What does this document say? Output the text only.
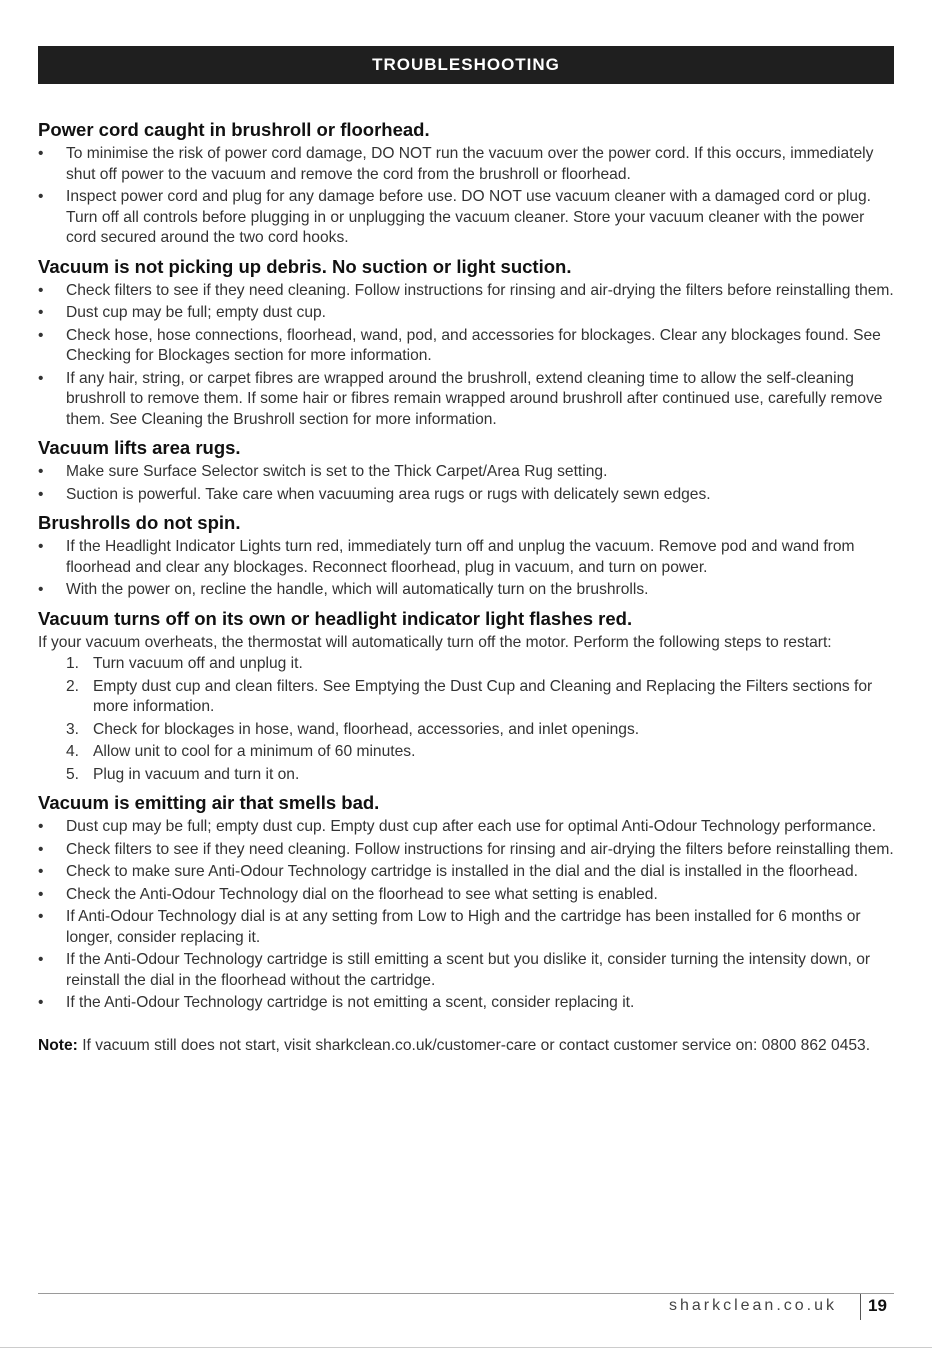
TROUBLESHOOTING
Power cord caught in brushroll or floorhead.
• To minimise the risk of power cord damage, DO NOT run the vacuum over the power cord. If this occurs, immediately shut off power to the vacuum and remove the cord from the brushroll or floorhead.
• Inspect power cord and plug for any damage before use. DO NOT use vacuum cleaner with a damaged cord or plug. Turn off all controls before plugging in or unplugging the vacuum cleaner. Store your vacuum cleaner with the power cord secured around the two cord hooks.
Vacuum is not picking up debris. No suction or light suction.
• Check filters to see if they need cleaning. Follow instructions for rinsing and air-drying the filters before reinstalling them.
• Dust cup may be full; empty dust cup.
• Check hose, hose connections, floorhead, wand, pod, and accessories for blockages. Clear any blockages found. See Checking for Blockages section for more information.
• If any hair, string, or carpet fibres are wrapped around the brushroll, extend cleaning time to allow the self-cleaning brushroll to remove them. If some hair or fibres remain wrapped around brushroll after continued use, carefully remove them. See Cleaning the Brushroll section for more information.
Vacuum lifts area rugs.
• Make sure Surface Selector switch is set to the Thick Carpet/Area Rug setting.
• Suction is powerful. Take care when vacuuming area rugs or rugs with delicately sewn edges.
Brushrolls do not spin.
• If the Headlight Indicator Lights turn red, immediately turn off and unplug the vacuum. Remove pod and wand from floorhead and clear any blockages. Reconnect floorhead, plug in vacuum, and turn on power.
• With the power on, recline the handle, which will automatically turn on the brushrolls.
Vacuum turns off on its own or headlight indicator light flashes red.

If your vacuum overheats, the thermostat will automatically turn off the motor. Perform the following steps to restart:

1. Turn vacuum off and unplug it.
2. Empty dust cup and clean filters. See Emptying the Dust Cup and Cleaning and Replacing the Filters sections for more information.
3. Check for blockages in hose, wand, floorhead, accessories, and inlet openings.
4. Allow unit to cool for a minimum of 60 minutes.
5. Plug in vacuum and turn it on.
Vacuum is emitting air that smells bad.
• Dust cup may be full; empty dust cup. Empty dust cup after each use for optimal Anti-Odour Technology performance.
• Check filters to see if they need cleaning. Follow instructions for rinsing and air-drying the filters before reinstalling them.
• Check to make sure Anti-Odour Technology cartridge is installed in the dial and the dial is installed in the floorhead.
• Check the Anti-Odour Technology dial on the floorhead to see what setting is enabled.
• If Anti-Odour Technology dial is at any setting from Low to High and the cartridge has been installed for 6 months or longer, consider replacing it.
• If the Anti-Odour Technology cartridge is still emitting a scent but you dislike it, consider turning the intensity down, or reinstall the dial in the floorhead without the cartridge.
• If the Anti-Odour Technology cartridge is not emitting a scent, consider replacing it.
Note: If vacuum still does not start, visit sharkclean.co.uk/customer-care or contact customer service on: 0800 862 0453.
sharkclean.co.uk 19
